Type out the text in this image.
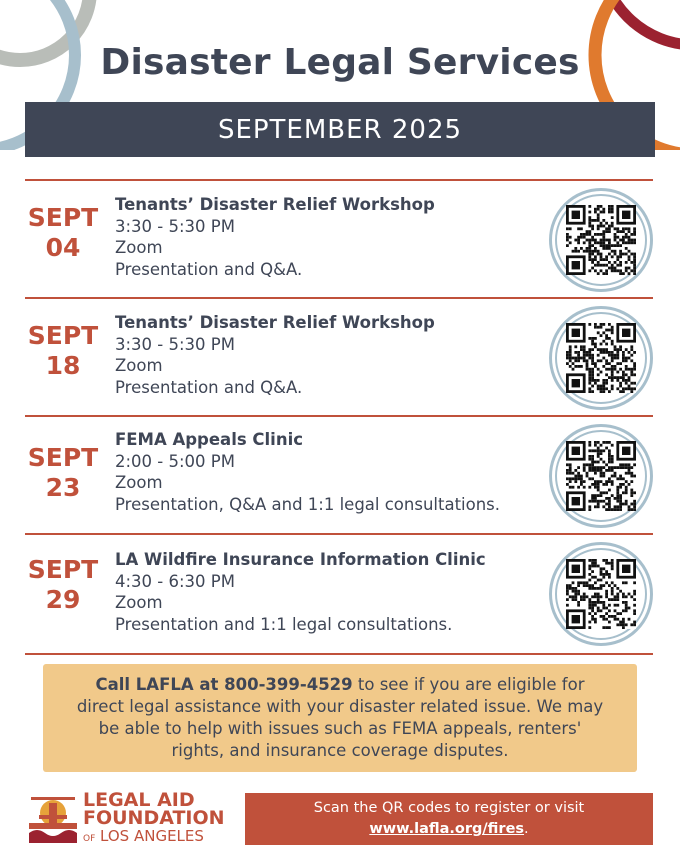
Disaster Legal Services
SEPTEMBER 2025
SEPT
04
Tenants’ Disaster Relief Workshop
3:30 - 5:30 PM
Zoom
Presentation and Q&A.
SEPT
18
Tenants’ Disaster Relief Workshop
3:30 - 5:30 PM
Zoom
Presentation and Q&A.
SEPT
23
FEMA Appeals Clinic
2:00 - 5:00 PM
Zoom
Presentation, Q&A and 1:1 legal consultations.
SEPT
29
LA Wildfire Insurance Information Clinic
4:30 - 6:30 PM
Zoom
Presentation and 1:1 legal consultations.
Call LAFLA at 800-399-4529 to see if you are eligible for direct legal assistance with your disaster related issue. We may be able to help with issues such as FEMA appeals, renters' rights, and insurance coverage disputes.
LEGAL AID
FOUNDATION
OF LOS ANGELES
Scan the QR codes to register or visit
www.lafla.org/fires.
